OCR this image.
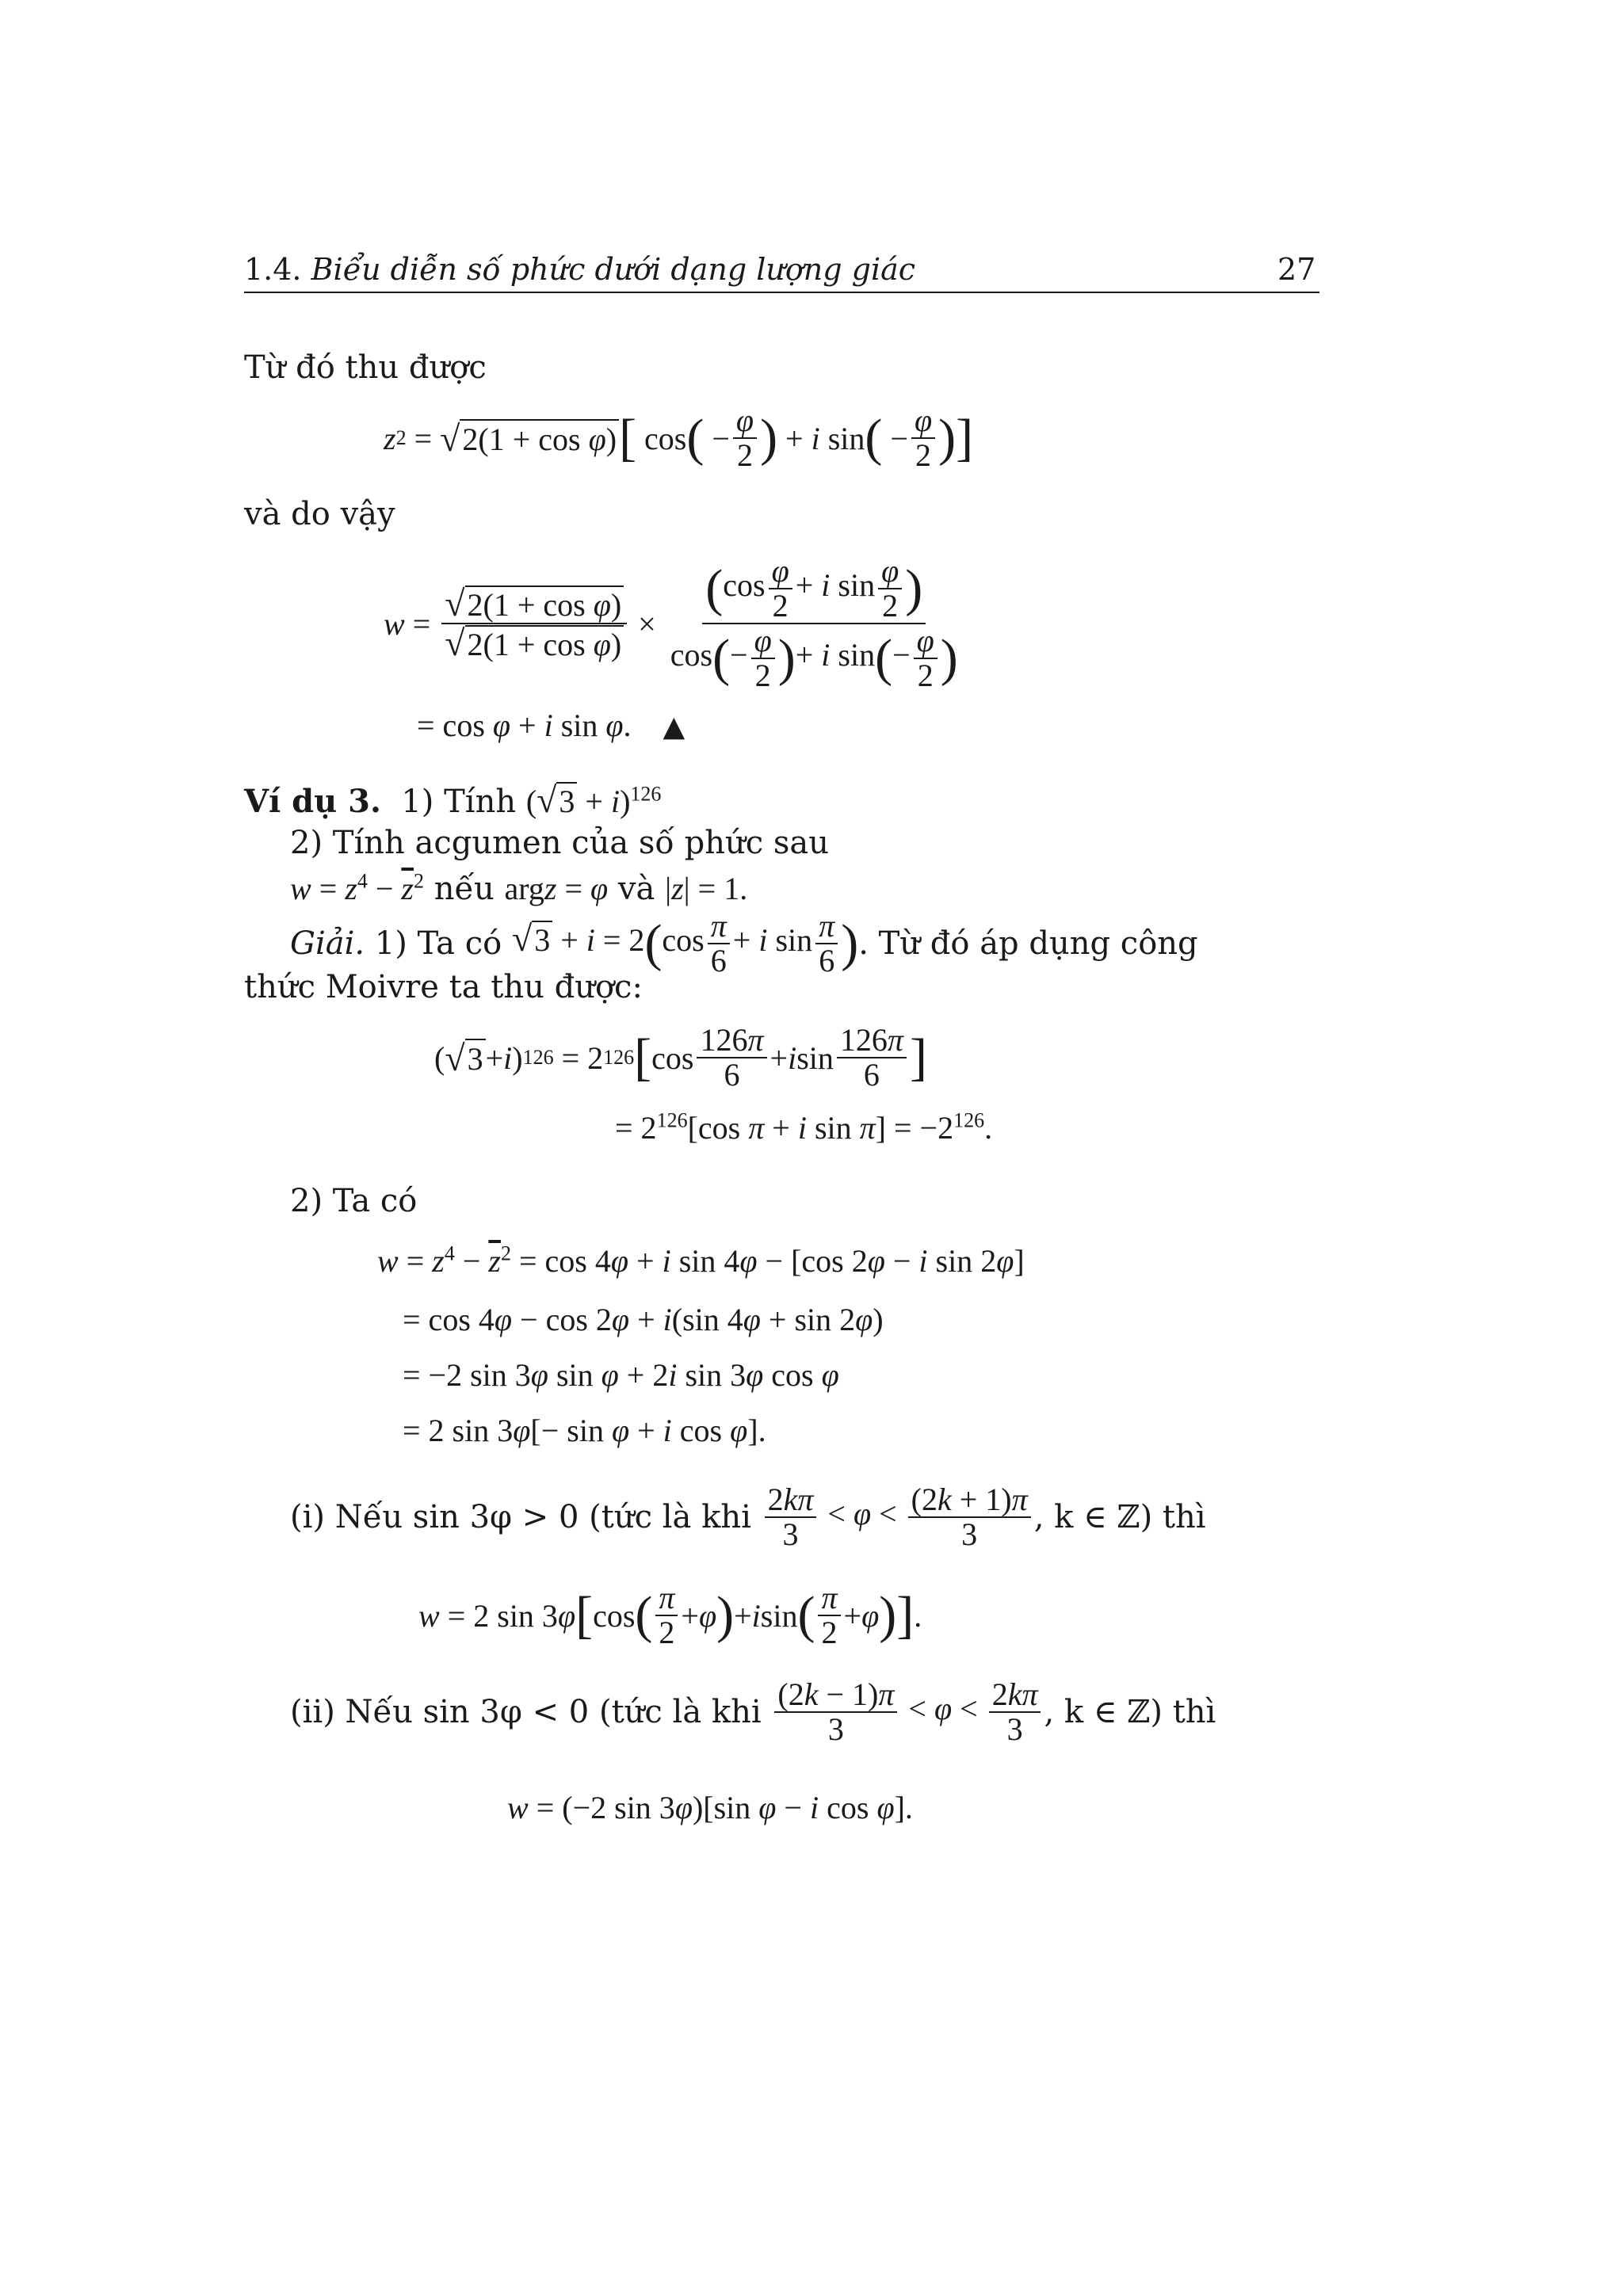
1.4. Biểu diễn số phức dưới dạng lượng giác	27
Từ đó thu được
z 2 = √ 2(1 + cos φ) [ cos ( − $\frac{\varphi}{2}$ ) + i sin ( − $\frac{\varphi}{2}$ ) ]
và do vậy
$w = \frac{\text{√2(1 + cos φ)}}{\text{√2(1 + cos φ)}} \times \frac{(\cos \frac{\varphi}{2} + i \sin \frac{\varphi}{2} )}{\cos(- \frac{\varphi}{2} )+ i \sin(- \frac{\varphi}{2} )}$
= cos φ + i sin φ.    ▲
Ví dụ 3. 1) Tính $(√3 + i)^{126}$
2) Tính acgumen của số phức sau
$w = z^4 - \overline{z}^2$ nếu argz = φ và |z| = 1.
Giải.
1) Ta có
$√3 + i = 2(\cos \frac{\pi}{6} + i$ $\sin \frac{\pi}{6}$ ) . Từ đó áp dụng công
thức Moivre ta thu được:
( √ 3 + i ) 126 = 2 126 [ $\cos \frac{126\pi}{6} + i$ $\sin \frac{126\pi}{6}$ ]
= $2^{126}[\cos$ π + i $\sin \pi] = -2^{126}$.
2) Ta có
$w = z^4 - \overline{z}^2 = \cos 4\varphi + i$ sin 4φ − [cos 2φ − i sin 2φ]
= cos 4φ − cos 2φ + i(sin 4φ + sin 2φ)
= −2 sin 3φ sin φ + 2i sin 3φ cos φ
= 2 sin 3φ[− sin φ + i cos φ].
(i) Nếu sin 3φ > 0 (tức là khi
$\frac{2k\pi}{3} < \varphi < \frac{(2k + 1)\pi}{3}$ , k ∈ ℤ) thì
w = 2 sin 3 φ [ cos ( $\frac{\pi}{2} + \varphi$ ) + i sin ( $\frac{\pi}{2} + \varphi$ ) ] .
(ii) Nếu sin 3φ < 0 (tức là khi
$\frac{(2k - 1)\pi}{3} < \varphi < \frac{2k\pi}{3}$ , k ∈ ℤ) thì
w = (−2 sin 3φ)[sin φ − i cos φ].
